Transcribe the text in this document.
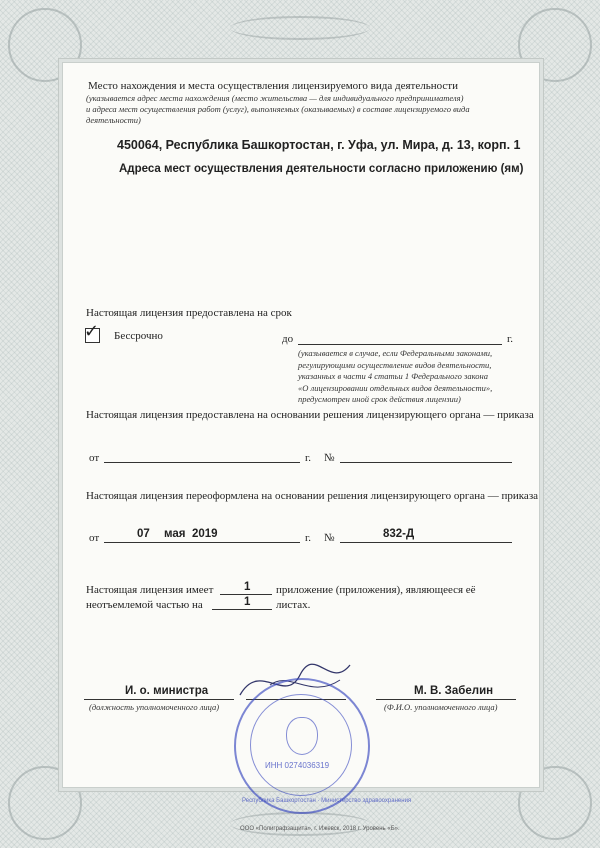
Место нахождения и места осуществления лицензируемого вида деятельности
(указывается адрес места нахождения (место жительства — для индивидуального предпринимателя)
и адреса мест осуществления работ (услуг), выполняемых (оказываемых) в составе лицензируемого вида
деятельности)
450064, Республика Башкортостан, г. Уфа, ул. Мира, д. 13, корп. 1
Адреса мест осуществления деятельности согласно приложению (ям)
Настоящая лицензия предоставлена на срок
✓ Бессрочно	до	г.
(указывается в случае, если Федеральными законами,
регулирующими осуществление видов деятельности,
указанных в части 4 статьи 1 Федерального закона
«О лицензировании отдельных видов деятельности»,
предусмотрен иной срок действия лицензии)
Настоящая лицензия предоставлена на основании решения лицензирующего органа — приказа
от	г. №
Настоящая лицензия переоформлена на основании решения лицензирующего органа — приказа
от	07 мая 2019	г. №	832-Д
Настоящая лицензия имеет	1 приложение (приложения), являющееся её
неотъемлемой частью на	1 листах.
И. о. министра
(должность уполномоченного лица)
М. В. Забелин
(Ф.И.О. уполномоченного лица)
ИНН 0274036319
Республика Башкортостан · Министерство здравоохранения
ООО «Полиграфзащита», г. Ижевск, 2018 г. Уровень «Б».
